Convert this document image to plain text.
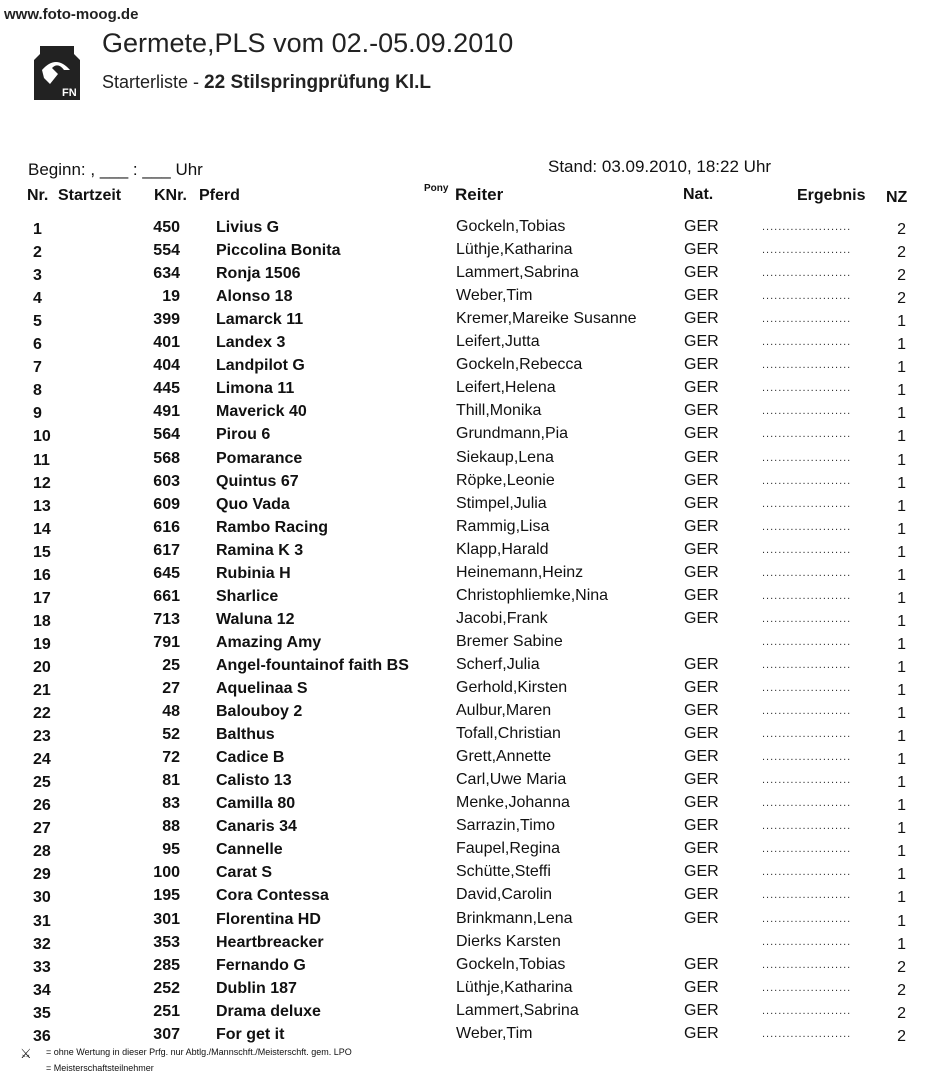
www.foto-moog.de
FN
Germete,PLS vom 02.-05.09.2010
Starterliste - 22 Stilspringprüfung Kl.L
Beginn: , ___ : ___ Uhr	Stand: 03.09.2010, 18:22 Uhr
Nr. Startzeit KNr. Pferd	Pony Reiter	Nat.	Ergebnis NZ
1	450 Livius G	Gockeln,Tobias	GER	......................	2
2	554 Piccolina Bonita	Lüthje,Katharina	GER	......................	2
3	634 Ronja 1506	Lammert,Sabrina	GER	......................	2
4	19 Alonso 18	Weber,Tim	GER	......................	2
5	399 Lamarck 11	Kremer,Mareike Susanne	GER	......................	1
6	401 Landex 3	Leifert,Jutta	GER	......................	1
7	404 Landpilot G	Gockeln,Rebecca	GER	......................	1
8	445 Limona 11	Leifert,Helena	GER	......................	1
9	491 Maverick 40	Thill,Monika	GER	......................	1
10	564 Pirou 6	Grundmann,Pia	GER	......................	1
11	568 Pomarance	Siekaup,Lena	GER	......................	1
12	603 Quintus 67	Röpke,Leonie	GER	......................	1
13	609 Quo Vada	Stimpel,Julia	GER	......................	1
14	616 Rambo Racing	Rammig,Lisa	GER	......................	1
15	617 Ramina K 3	Klapp,Harald	GER	......................	1
16	645 Rubinia H	Heinemann,Heinz	GER	......................	1
17	661 Sharlice	Christophliemke,Nina	GER	......................	1
18	713 Waluna 12	Jacobi,Frank	GER	......................	1
19	791 Amazing Amy	Bremer Sabine	......................	1
20	25 Angel-fountainof faith BS	Scherf,Julia	GER	......................	1
21	27 Aquelinaa S	Gerhold,Kirsten	GER	......................	1
22	48 Balouboy 2	Aulbur,Maren	GER	......................	1
23	52 Balthus	Tofall,Christian	GER	......................	1
24	72 Cadice B	Grett,Annette	GER	......................	1
25	81 Calisto 13	Carl,Uwe Maria	GER	......................	1
26	83 Camilla 80	Menke,Johanna	GER	......................	1
27	88 Canaris 34	Sarrazin,Timo	GER	......................	1
28	95 Cannelle	Faupel,Regina	GER	......................	1
29	100 Carat S	Schütte,Steffi	GER	......................	1
30	195 Cora Contessa	David,Carolin	GER	......................	1
31	301 Florentina HD	Brinkmann,Lena	GER	......................	1
32	353 Heartbreacker	Dierks Karsten	......................	1
33	285 Fernando G	Gockeln,Tobias	GER	......................	2
34	252 Dublin 187	Lüthje,Katharina	GER	......................	2
35	251 Drama deluxe	Lammert,Sabrina	GER	......................	2
36	307 For get it	Weber,Tim	GER	......................	2
⚔ = ohne Wertung in dieser Prfg. nur Abtlg./Mannschft./Meisterschft. gem. LPO
= Meisterschaftsteilnehmer
